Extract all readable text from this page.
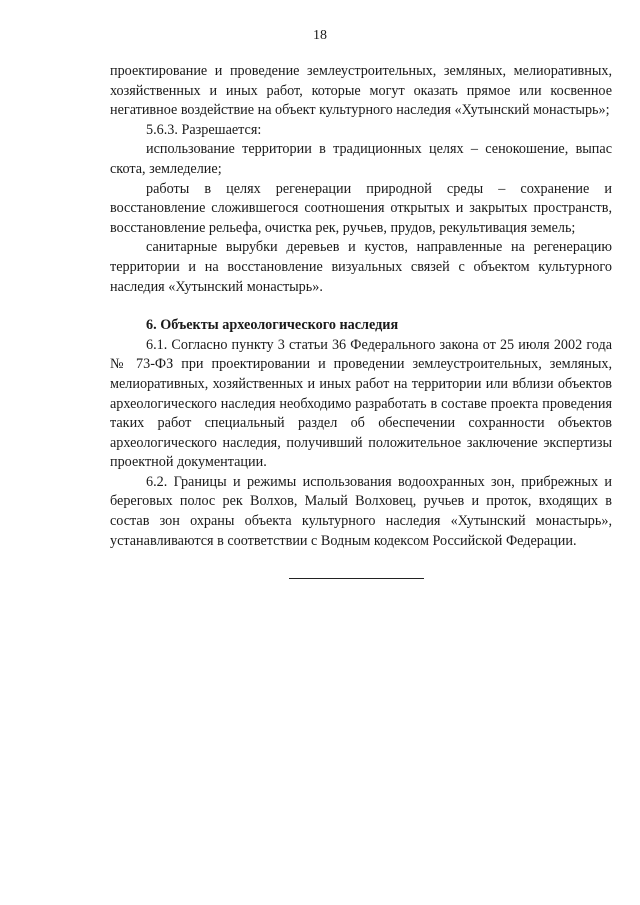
18

проектирование и проведение землеустроительных, земляных, мелиоративных, хозяйственных и иных работ, которые могут оказать прямое или косвенное негативное воздействие на объект культурного наследия «Хутынский монастырь»;

5.6.3. Разрешается:

использование территории в традиционных целях – сенокошение, выпас скота, земледелие;

работы в целях регенерации природной среды – сохранение и восстановление сложившегося соотношения открытых и закрытых пространств, восстановление рельефа, очистка рек, ручьев, прудов, рекультивация земель;

санитарные вырубки деревьев и кустов, направленные на регенерацию территории и на восстановление визуальных связей с объектом культурного наследия «Хутынский монастырь».

6. Объекты археологического наследия

6.1. Согласно пункту 3 статьи 36 Федерального закона от 25 июля 2002 года № 73-ФЗ при проектировании и проведении землеустроительных, земляных, мелиоративных, хозяйственных и иных работ на территории или вблизи объектов археологического наследия необходимо разработать в составе проекта проведения таких работ специальный раздел об обеспечении сохранности объектов археологического наследия, получивший положительное заключение экспертизы проектной документации.

6.2. Границы и режимы использования водоохранных зон, прибрежных и береговых полос рек Волхов, Малый Волховец, ручьев и проток, входящих в состав зон охраны объекта культурного наследия «Хутынский монастырь», устанавливаются в соответствии с Водным кодексом Российской Федерации.
